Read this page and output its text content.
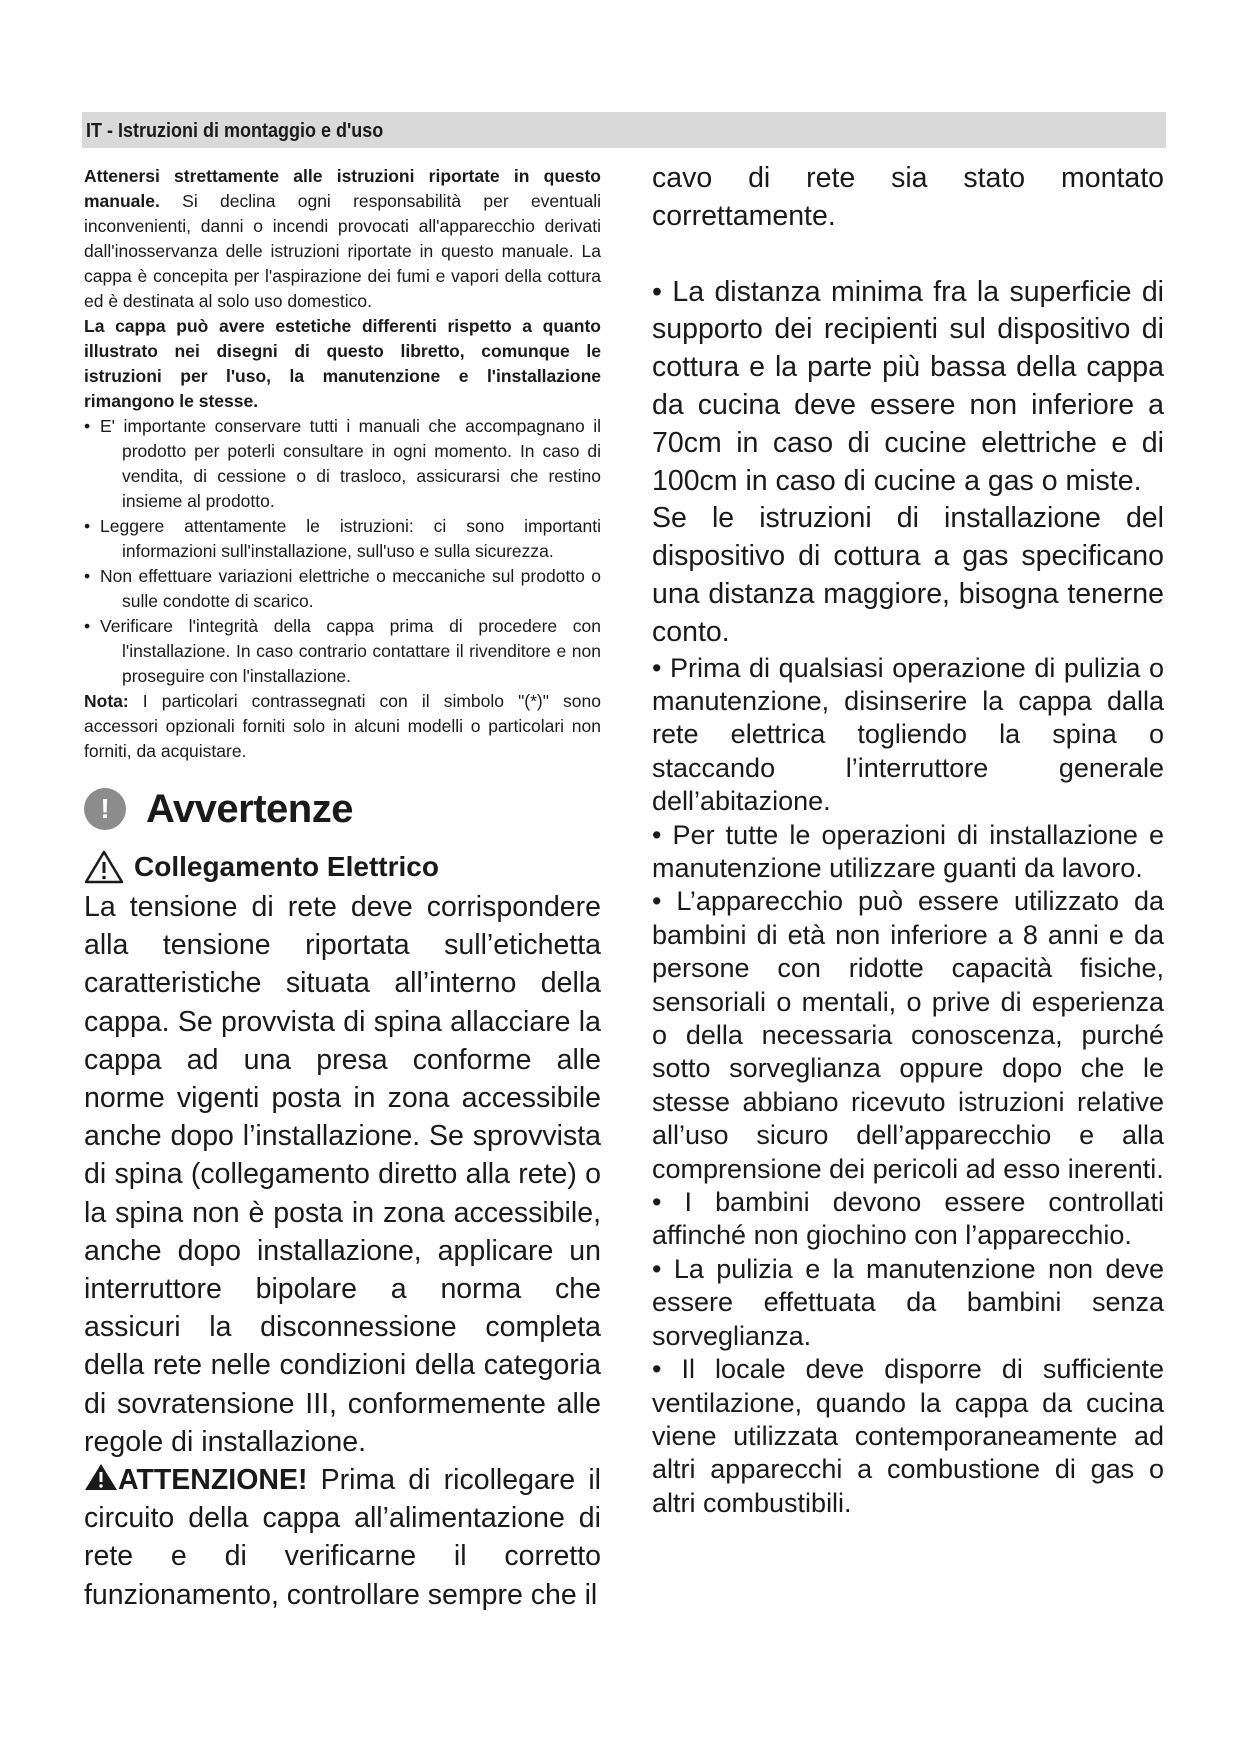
IT - Istruzioni di montaggio e d'uso

Attenersi strettamente alle istruzioni riportate in questo manuale. Si declina ogni responsabilità per eventuali inconvenienti, danni o incendi provocati all'apparecchio derivati dall'inosservanza delle istruzioni riportate in questo manuale. La cappa è concepita per l'aspirazione dei fumi e vapori della cottura ed è destinata al solo uso domestico.

La cappa può avere estetiche differenti rispetto a quanto illustrato nei disegni di questo libretto, comunque le istruzioni per l'uso, la manutenzione e l'installazione rimangono le stesse.

• E' importante conservare tutti i manuali che accompagnano il prodotto per poterli consultare in ogni momento. In caso di vendita, di cessione o di trasloco, assicurarsi che restino insieme al prodotto.
• Leggere attentamente le istruzioni: ci sono importanti informazioni sull'installazione, sull'uso e sulla sicurezza.
• Non effettuare variazioni elettriche o meccaniche sul prodotto o sulle condotte di scarico.
• Verificare l'integrità della cappa prima di procedere con l'installazione. In caso contrario contattare il rivenditore e non proseguire con l'installazione.

Nota: I particolari contrassegnati con il simbolo "(*)" sono accessori opzionali forniti solo in alcuni modelli o particolari non forniti, da acquistare.

! Avvertenze
Collegamento Elettrico

La tensione di rete deve corrispondere alla tensione riportata sull’etichetta caratteristiche situata all’interno della cappa. Se provvista di spina allacciare la cappa ad una presa conforme alle norme vigenti posta in zona accessibile anche dopo l’installazione. Se sprovvista di spina (collegamento diretto alla rete) o la spina non è posta in zona accessibile, anche dopo installazione, applicare un interruttore bipolare a norma che assicuri la disconnessione completa della rete nelle condizioni della categoria di sovratensione III, conformemente alle regole di installazione.

ATTENZIONE! Prima di ricollegare il circuito della cappa all’alimentazione di rete e di verificarne il corretto funzionamento, controllare sempre che il

cavo di rete sia stato montato correttamente.

• La distanza minima fra la superficie di supporto dei recipienti sul dispositivo di cottura e la parte più bassa della cappa da cucina deve essere non inferiore a 70cm in caso di cucine elettriche e di 100cm in caso di cucine a gas o miste.

Se le istruzioni di installazione del dispositivo di cottura a gas specificano una distanza maggiore, bisogna tenerne conto.

• Prima di qualsiasi operazione di pulizia o manutenzione, disinserire la cappa dalla rete elettrica togliendo la spina o staccando l’interruttore generale dell’abitazione.

• Per tutte le operazioni di installazione e manutenzione utilizzare guanti da lavoro.

• L’apparecchio può essere utilizzato da bambini di età non inferiore a 8 anni e da persone con ridotte capacità fisiche, sensoriali o mentali, o prive di esperienza o della necessaria conoscenza, purché sotto sorveglianza oppure dopo che le stesse abbiano ricevuto istruzioni relative all’uso sicuro dell’apparecchio e alla comprensione dei pericoli ad esso inerenti.

• I bambini devono essere controllati affinché non giochino con l’apparecchio.

• La pulizia e la manutenzione non deve essere effettuata da bambini senza sorveglianza.

• Il locale deve disporre di sufficiente ventilazione, quando la cappa da cucina viene utilizzata contemporaneamente ad altri apparecchi a combustione di gas o altri combustibili.
